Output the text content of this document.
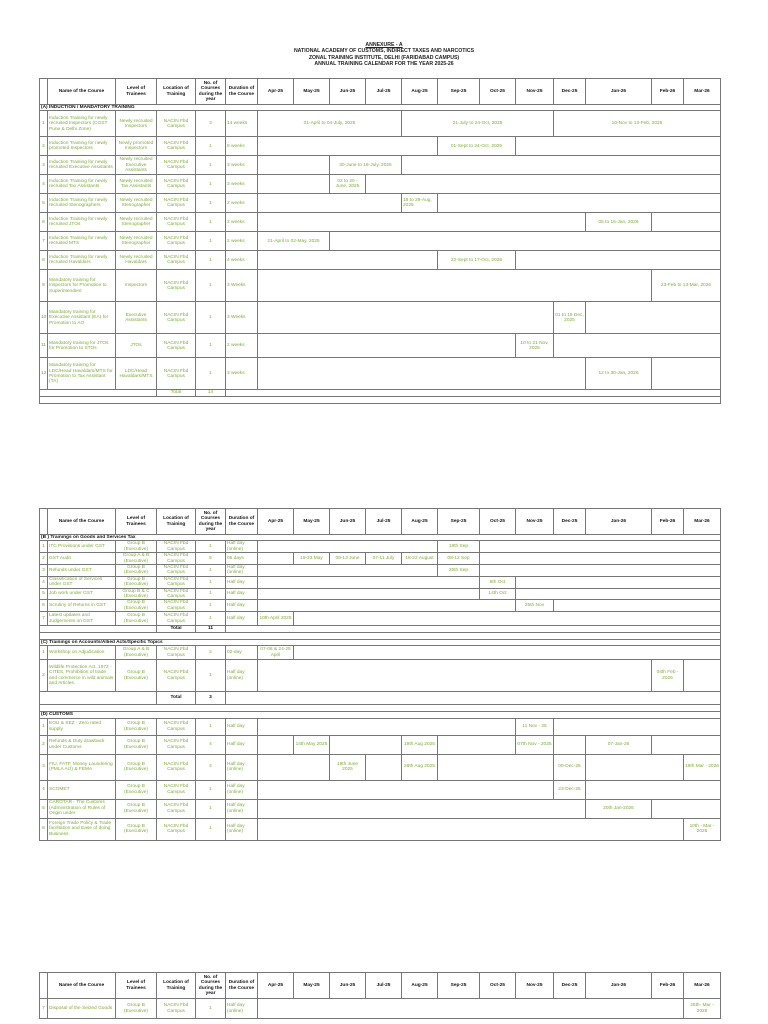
ANNEXURE - A
NATIONAL ACADEMY OF CUSTOMS, INDIRECT TAXES AND NARCOTICS
ZONAL TRAINING INSTITUTE, DELHI (FARIDABAD CAMPUS)
ANNUAL TRAINING CALENDAR FOR THE YEAR 2025-26
	Name of the Course	Level of Trainees	Location of Training	No. of Courses during the year	Duration of the Course	Apr-25	May-25	Jun-25	Jul-25	Aug-25	Sep-25	Oct-25	Nov-25	Dec-25	Jan-26	Feb-26	Mar-26
(A) INDUCTION / MANDATORY TRAINING																	
1	Induction Training for newly recruited Inspectors (CGST Pune & Delhi Zone)	Newly recruited Inspectors	NACIN Fbd Campus	3	14 weeks	01-April to 04-July, 2025				21-July to 24-Oct, 2025				10-Nov to 13-Feb, 2026			
2	Induction Training for newly promoted Inspectors	Newly promoted Inspectors	NACIN Fbd Campus	1	8 weeks						01-Sept to 24-Oct, 2025						
3	Induction Training for newly recruited Executive Assistants	Newly recruited Executive Assistants	NACIN Fbd Campus	1	3 weeks			30-June to 18-July, 2025									
4	Induction Training for newly recruited Tax Assistants	Newly recruited Tax Assistants	NACIN Fbd Campus	1	3 weeks			02 to 20 - June, 2025									
5	Induction Training for newly recruited Stenographers	Newly recruited Stenographer	NACIN Fbd Campus	1	2 weeks					18 to 29-Aug, 2025							
6	Induction Training for newly recruited JTOs	Newly recruited Stenographer	NACIN Fbd Campus	1	2 weeks										05 to 16-Jan, 2026		
7	Induction Training for newly recruited MTS	Newly recruited Stenographer	NACIN Fbd Campus	1	2 weeks	21-April to 02-May, 2025											
8	Induction Training for newly recruited Havaldars	Newly recruited Havaldars	NACIN Fbd Campus	1	4 weeks						22-Sept to 17-Oct, 2025						
9	Mandatory training for Inspectors for Promotion to Superintendent	Inspectors	NACIN Fbd Campus	1	3 Weeks											23-Feb to 13-Mar, 2026	
10	Mandatory training for Executive Assistant (EA) for Promotion to AO	Executive Assistants	NACIN Fbd Campus	1	3 Weeks									01 to 19 Dec, 2025			
11	Mandatory training for JTOs for Promotion to STOs	JTOs	NACIN Fbd Campus	1	2 weeks								10 to 21 Nov, 2025				
12	Mandatory training for LDC/Head Havaldars/MTS for Promotion to Tax Assistant (TA)	LDC/Head Havaldars/MTS	NACIN Fbd Campus	1	3 weeks										12 to 30-Jan, 2026		
			Total	14													

	Name of the Course	Level of Trainees	Location of Training	No. of Courses during the year	Duration of the Course	Apr-25	May-25	Jun-25	Jul-25	Aug-25	Sep-25	Oct-25	Nov-25	Dec-25	Jan-26	Feb-26	Mar-26
(B ) Trainings on Goods and Services Tax																	
1	ITC Provisions under GST	Group B (Executive)	NACIN Fbd Campus	1	Half day (online)						18th Sep						
2	GST Audit	Group A & B (Executive)	NACIN Fbd Campus	5	05 days		19-23 May	09-13 June	07-11 July	18-22 August	08-12 Sep						
3	Refunds under GST	Group B (Executive)	NACIN Fbd Campus	1	Half day (online)						25th Sep						
4	Classification of Services under GST	Group B (Executive)	NACIN Fbd Campus	1	Half day							8th Oct					
5	Job work under GST	Group B & C (Executive)	NACIN Fbd Campus	1	Half day							14th Oct					
6	Scrutiny of Returns in GST	Group B (Executive)	NACIN Fbd Campus	1	Half day								25th Nov				
7	Latest updates and Judgements on GST	Group B (Executive)	NACIN Fbd Campus	1	Half day	10th April 2025											
			Total	11													

(C) Trainings on Accounts/Allied Acts/Specific Topics																	
1	Workshop on Adjudication	Group A & B (Executive)	NACIN Fbd Campus	2	02-day	07-08 & 24-25 April											
2	Wildlife Protection Act, 1972 - CITES, Prohibition of trade and commerce in wild animals and Articles.	Group B (Executive)	NACIN Fbd Campus	1	Half day (online)											04th Feb - 2026	
			Total	3													

(D) CUSTOMS																	
1	EOU & SEZ - Zero rated supply	Group B (Executive)	NACIN Fbd Campus	1	Half day								11 Nov - 25				
2	Refunds & Duty drawback under Customs	Group B (Executive)	NACIN Fbd Campus	4	Half day		14th May 2025			19th Aug 2025			07th Nov - 2025		07-Jan-26		
3	FIU, FATF, Money Laundering (PMLA Act) & FEMA	Group B (Executive)	NACIN Fbd Campus	4	Half day (online)			19th June 2025		26th Aug 2025				09-Dec-25			19th Mar - 2026
4	SCOMET	Group B (Executive)	NACIN Fbd Campus	1	Half day (online)									23-Dec-25			
5	CAROTAR - The Customs (Administration of Rules of Origin under	Group B (Executive)	NACIN Fbd Campus	1	Half day (online)										20th Jan-2026		
6	Foreign Trade Policy & Trade facilitation and Ease of doing Business	Group B (Executive)	NACIN Fbd Campus	1	Half day (online)												10th - Mar - 2026
	Name of the Course	Level of Trainees	Location of Training	No. of Courses during the year	Duration of the Course	Apr-25	May-25	Jun-25	Jul-25	Aug-25	Sep-25	Oct-25	Nov-25	Dec-25	Jan-26	Feb-26	Mar-26
7	Disposal of the Seized Goods	Group B (Executive)	NACIN Fbd Campus	1	Half day (online)												25th- Mar - 2026
